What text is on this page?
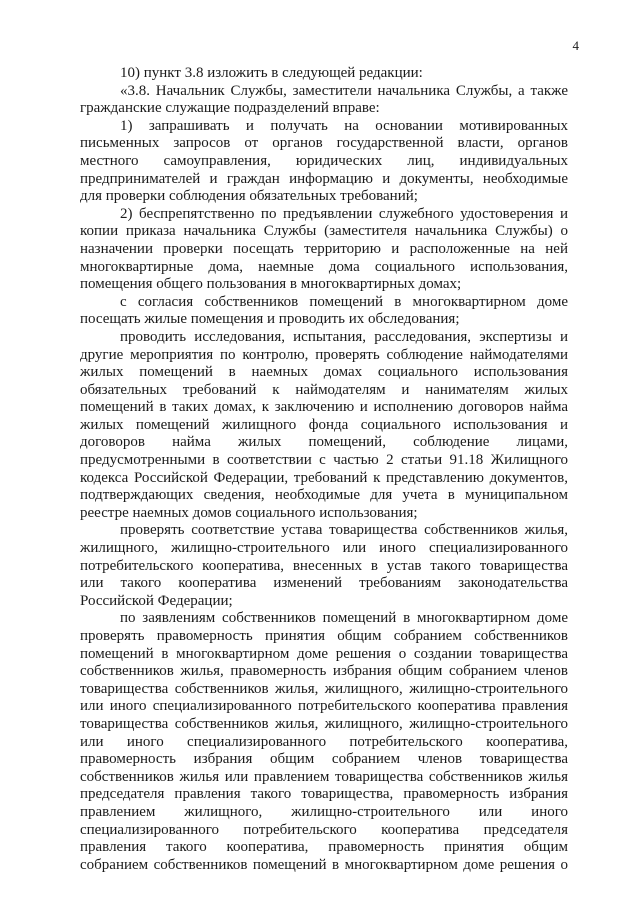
4
10) пункт 3.8 изложить в следующей редакции:
«3.8. Начальник Службы, заместители начальника Службы, а также
гражданские служащие подразделений вправе:
1) запрашивать и получать на основании мотивированных
письменных запросов от органов государственной власти, органов
местного самоуправления, юридических лиц, индивидуальных
предпринимателей и граждан информацию и документы, необходимые
для проверки соблюдения обязательных требований;
2) беспрепятственно по предъявлении служебного удостоверения и
копии приказа начальника Службы (заместителя начальника Службы) о
назначении проверки посещать территорию и расположенные на ней
многоквартирные дома, наемные дома социального использования,
помещения общего пользования в многоквартирных домах;
с согласия собственников помещений в многоквартирном доме
посещать жилые помещения и проводить их обследования;
проводить исследования, испытания, расследования, экспертизы и
другие мероприятия по контролю, проверять соблюдение наймодателями
жилых помещений в наемных домах социального использования
обязательных требований к наймодателям и нанимателям жилых
помещений в таких домах, к заключению и исполнению договоров найма
жилых помещений жилищного фонда социального использования и
договоров найма жилых помещений, соблюдение лицами,
предусмотренными в соответствии с частью 2 статьи 91.18 Жилищного
кодекса Российской Федерации, требований к представлению документов,
подтверждающих сведения, необходимые для учета в муниципальном
реестре наемных домов социального использования;
проверять соответствие устава товарищества собственников жилья,
жилищного, жилищно-строительного или иного специализированного
потребительского кооператива, внесенных в устав такого товарищества
или такого кооператива изменений требованиям законодательства
Российской Федерации;
по заявлениям собственников помещений в многоквартирном доме
проверять правомерность принятия общим собранием собственников
помещений в многоквартирном доме решения о создании товарищества
собственников жилья, правомерность избрания общим собранием членов
товарищества собственников жилья, жилищного, жилищно-строительного
или иного специализированного потребительского кооператива правления
товарищества собственников жилья, жилищного, жилищно-строительного
или иного специализированного потребительского кооператива,
правомерность избрания общим собранием членов товарищества
собственников жилья или правлением товарищества собственников жилья
председателя правления такого товарищества, правомерность избрания
правлением жилищного, жилищно-строительного или иного
специализированного потребительского кооператива председателя
правления такого кооператива, правомерность принятия общим
собранием собственников помещений в многоквартирном доме решения о
